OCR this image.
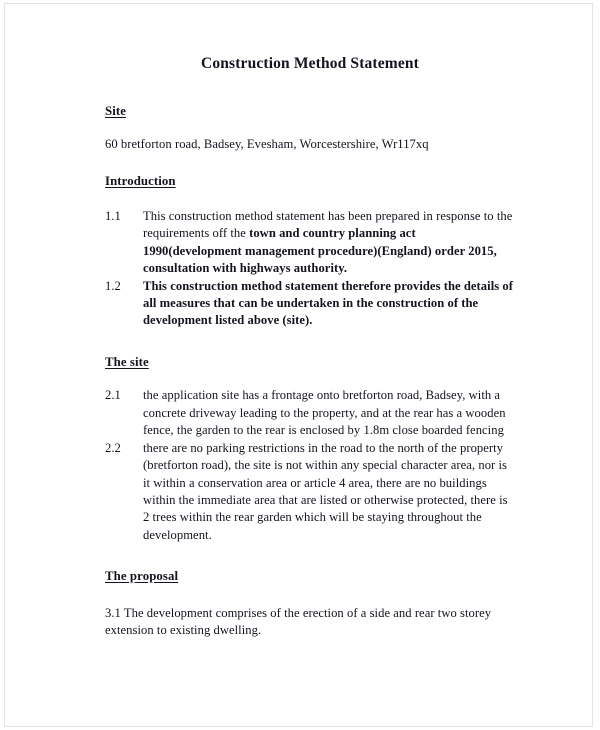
Construction Method Statement
Site
60 bretforton road, Badsey, Evesham, Worcestershire, Wr117xq
Introduction
1.1	This construction method statement has been prepared in response to the requirements off the town and country planning act 1990(development management procedure)(England) order 2015, consultation with highways authority.
1.2	This construction method statement therefore provides the details of all measures that can be undertaken in the construction of the development listed above (site).
The site
2.1	the application site has a frontage onto bretforton road, Badsey, with a concrete driveway leading to the property, and at the rear has a wooden fence, the garden to the rear is enclosed by 1.8m close boarded fencing
2.2	there are no parking restrictions in the road to the north of the property (bretforton road), the site is not within any special character area, nor is it within a conservation area or article 4 area, there are no buildings within the immediate area that are listed or otherwise protected, there is 2 trees within the rear garden which will be staying throughout the development.
The proposal
3.1 The development comprises of the erection of a side and rear two storey extension to existing dwelling.
